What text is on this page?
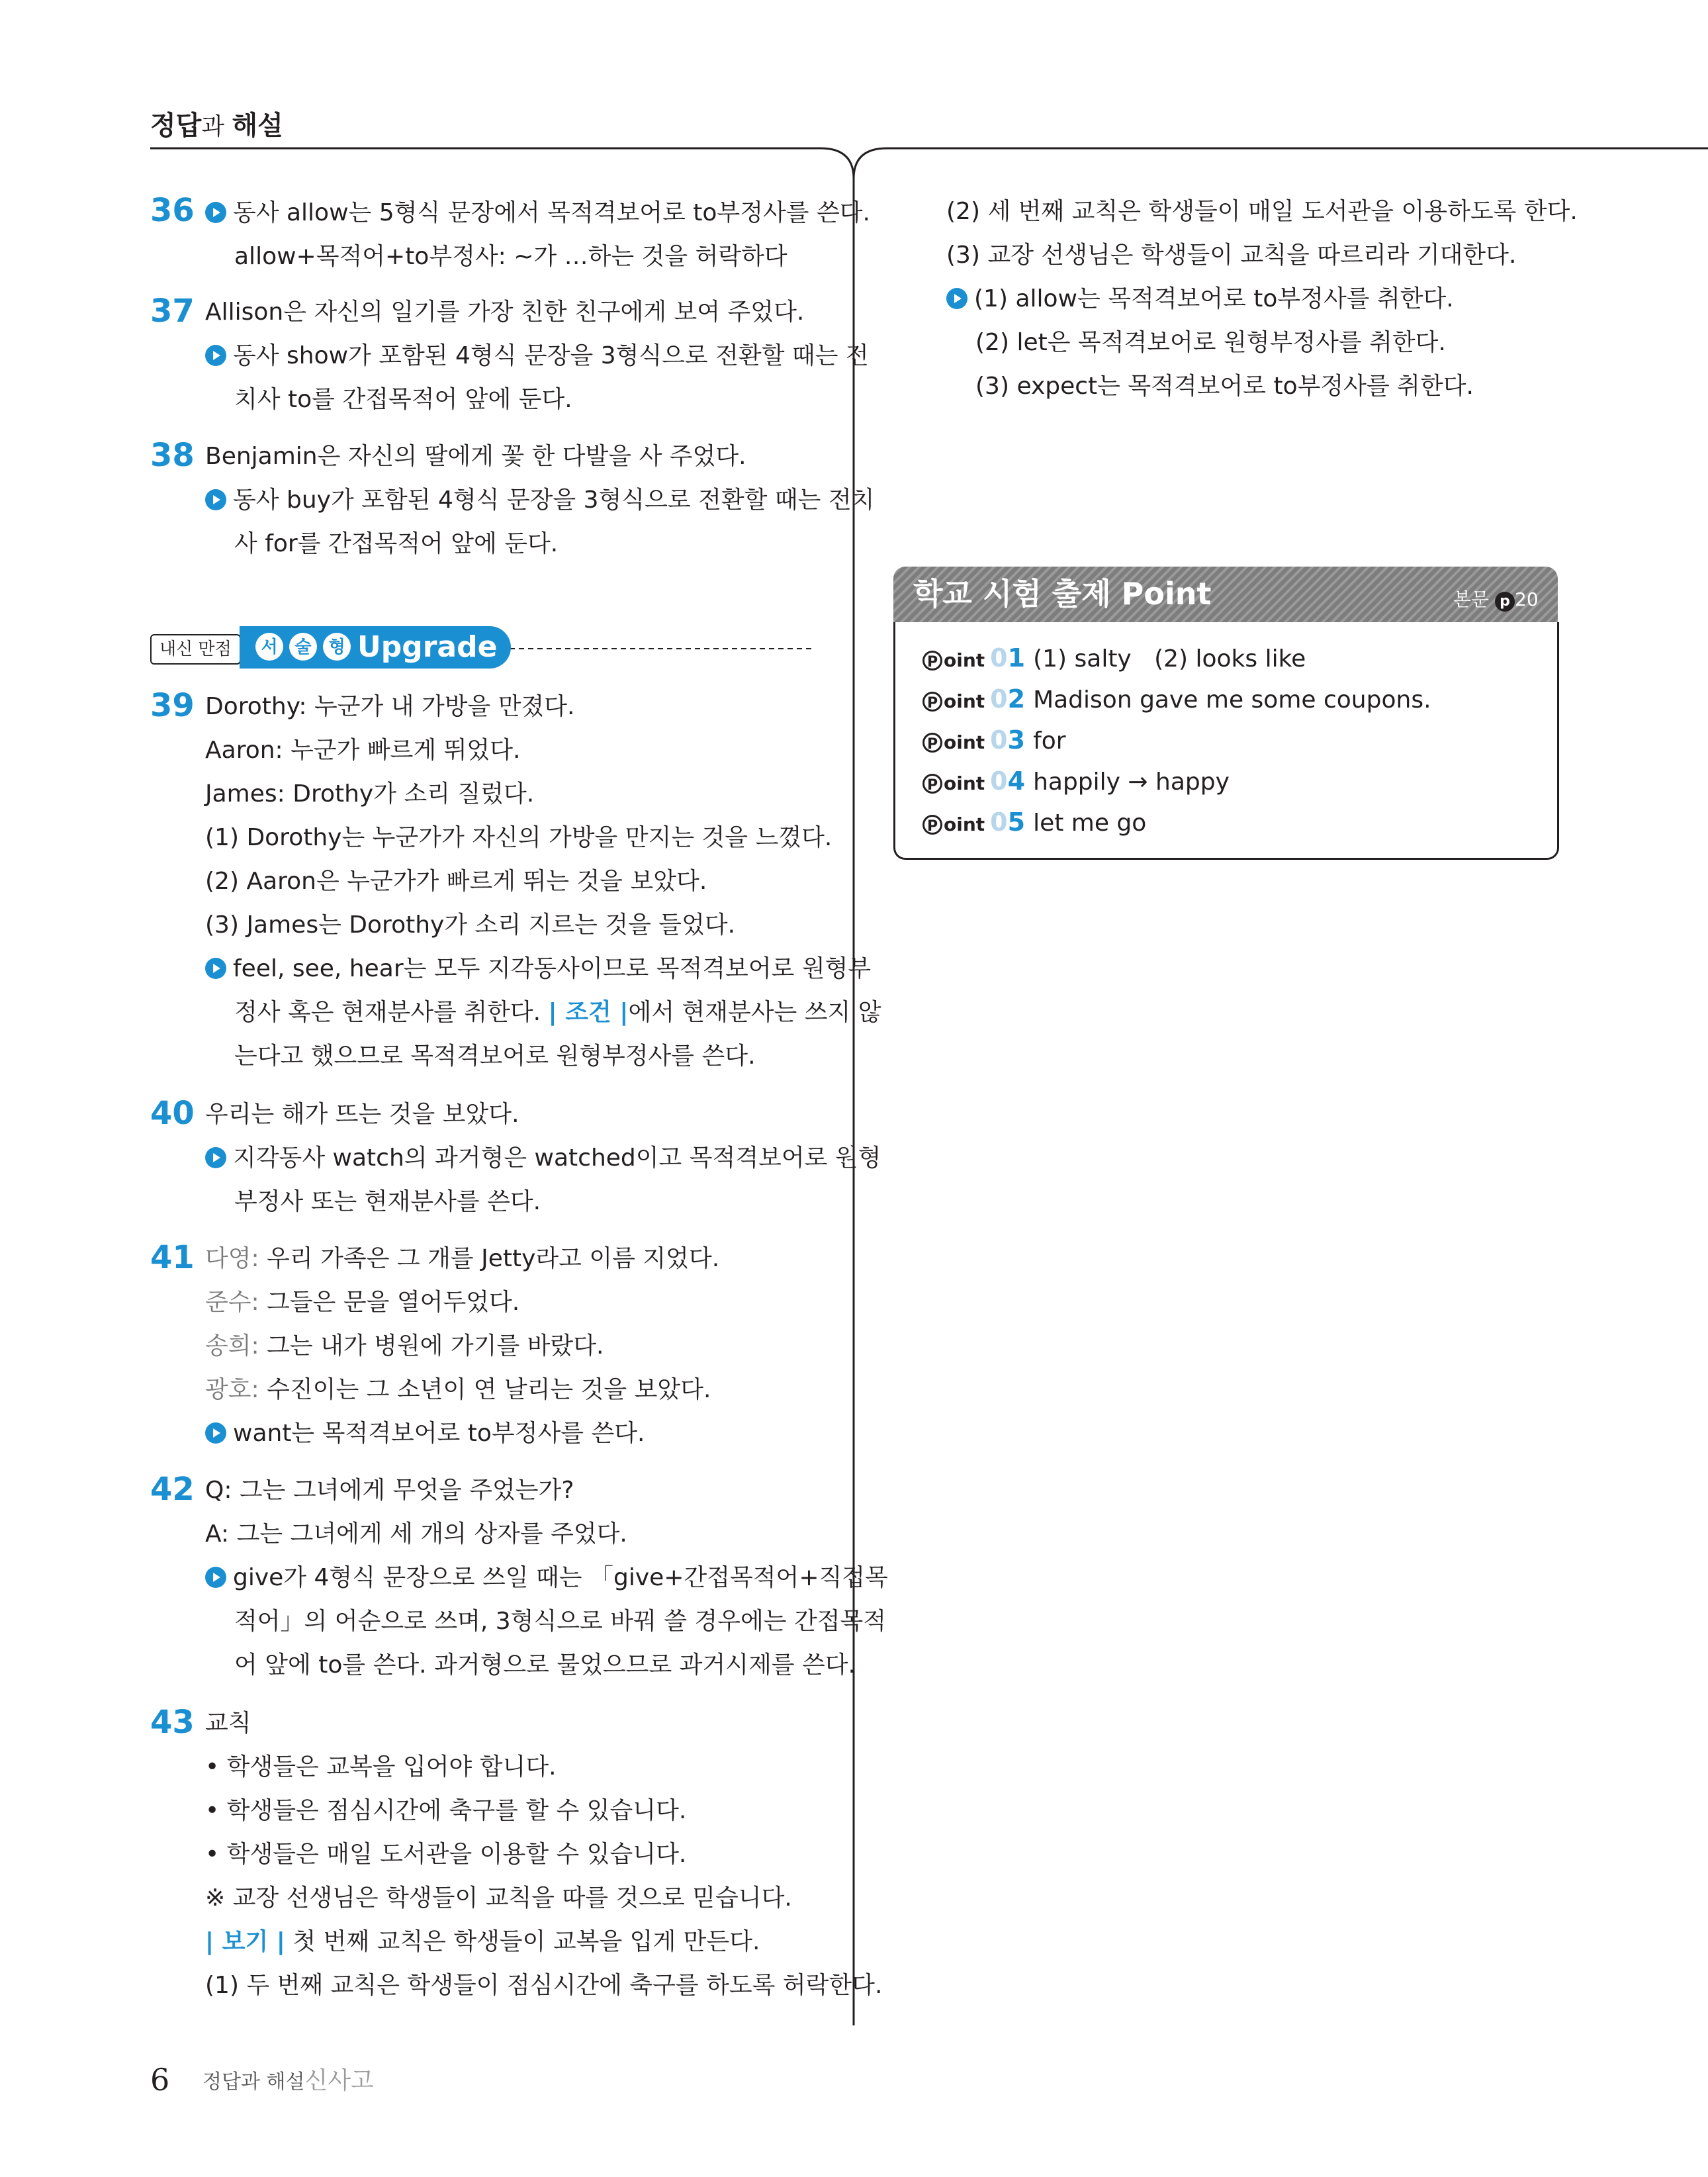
정답과 해설
36	동사 allow는 5형식 문장에서 목적격보어로 to부정사를 쓴다.
allow+목적어+to부정사: ~가 …하는 것을 허락하다
37 Allison은 자신의 일기를 가장 친한 친구에게 보여 주었다.
동사 show가 포함된 4형식 문장을 3형식으로 전환할 때는 전
치사 to를 간접목적어 앞에 둔다.
38 Benjamin은 자신의 딸에게 꽃 한 다발을 사 주었다.
동사 buy가 포함된 4형식 문장을 3형식으로 전환할 때는 전치
사 for를 간접목적어 앞에 둔다.
내신 만점	서 술 형 Upgrade
39 Dorothy: 누군가 내 가방을 만졌다.
Aaron: 누군가 빠르게 뛰었다.
James: Drothy가 소리 질렀다.
(1) Dorothy는 누군가가 자신의 가방을 만지는 것을 느꼈다.
(2) Aaron은 누군가가 빠르게 뛰는 것을 보았다.
(3) James는 Dorothy가 소리 지르는 것을 들었다.
feel, see, hear는 모두 지각동사이므로 목적격보어로 원형부
정사 혹은 현재분사를 취한다. | 조건 |에서 현재분사는 쓰지 않
는다고 했으므로 목적격보어로 원형부정사를 쓴다.
40 우리는 해가 뜨는 것을 보았다.
지각동사 watch의 과거형은 watched이고 목적격보어로 원형
부정사 또는 현재분사를 쓴다.
41 다영: 우리 가족은 그 개를 Jetty라고 이름 지었다.
준수: 그들은 문을 열어두었다.
송희: 그는 내가 병원에 가기를 바랐다.
광호: 수진이는 그 소년이 연 날리는 것을 보았다.
want는 목적격보어로 to부정사를 쓴다.
42 Q: 그는 그녀에게 무엇을 주었는가?
A: 그는 그녀에게 세 개의 상자를 주었다.
give가 4형식 문장으로 쓰일 때는 「give+간접목적어+직접목
적어」의 어순으로 쓰며, 3형식으로 바꿔 쓸 경우에는 간접목적
어 앞에 to를 쓴다. 과거형으로 물었으므로 과거시제를 쓴다.
43 교칙
• 학생들은 교복을 입어야 합니다.
• 학생들은 점심시간에 축구를 할 수 있습니다.
• 학생들은 매일 도서관을 이용할 수 있습니다.
※ 교장 선생님은 학생들이 교칙을 따를 것으로 믿습니다.
| 보기 | 첫 번째 교칙은 학생들이 교복을 입게 만든다.
(1) 두 번째 교칙은 학생들이 점심시간에 축구를 하도록 허락한다.
(2) 세 번째 교칙은 학생들이 매일 도서관을 이용하도록 한다.
(3) 교장 선생님은 학생들이 교칙을 따르리라 기대한다.
(1) allow는 목적격보어로 to부정사를 취한다.
(2) let은 목적격보어로 원형부정사를 취한다.
(3) expect는 목적격보어로 to부정사를 취한다.
학교 시험 출제 Point	본문 p 20
P oint 01 (1) salty   (2) looks like
P oint 02 Madison gave me some coupons.
P oint 03 for
P oint 04 happily → happy
P oint 05 let me go
6 정답과 해설신사고
